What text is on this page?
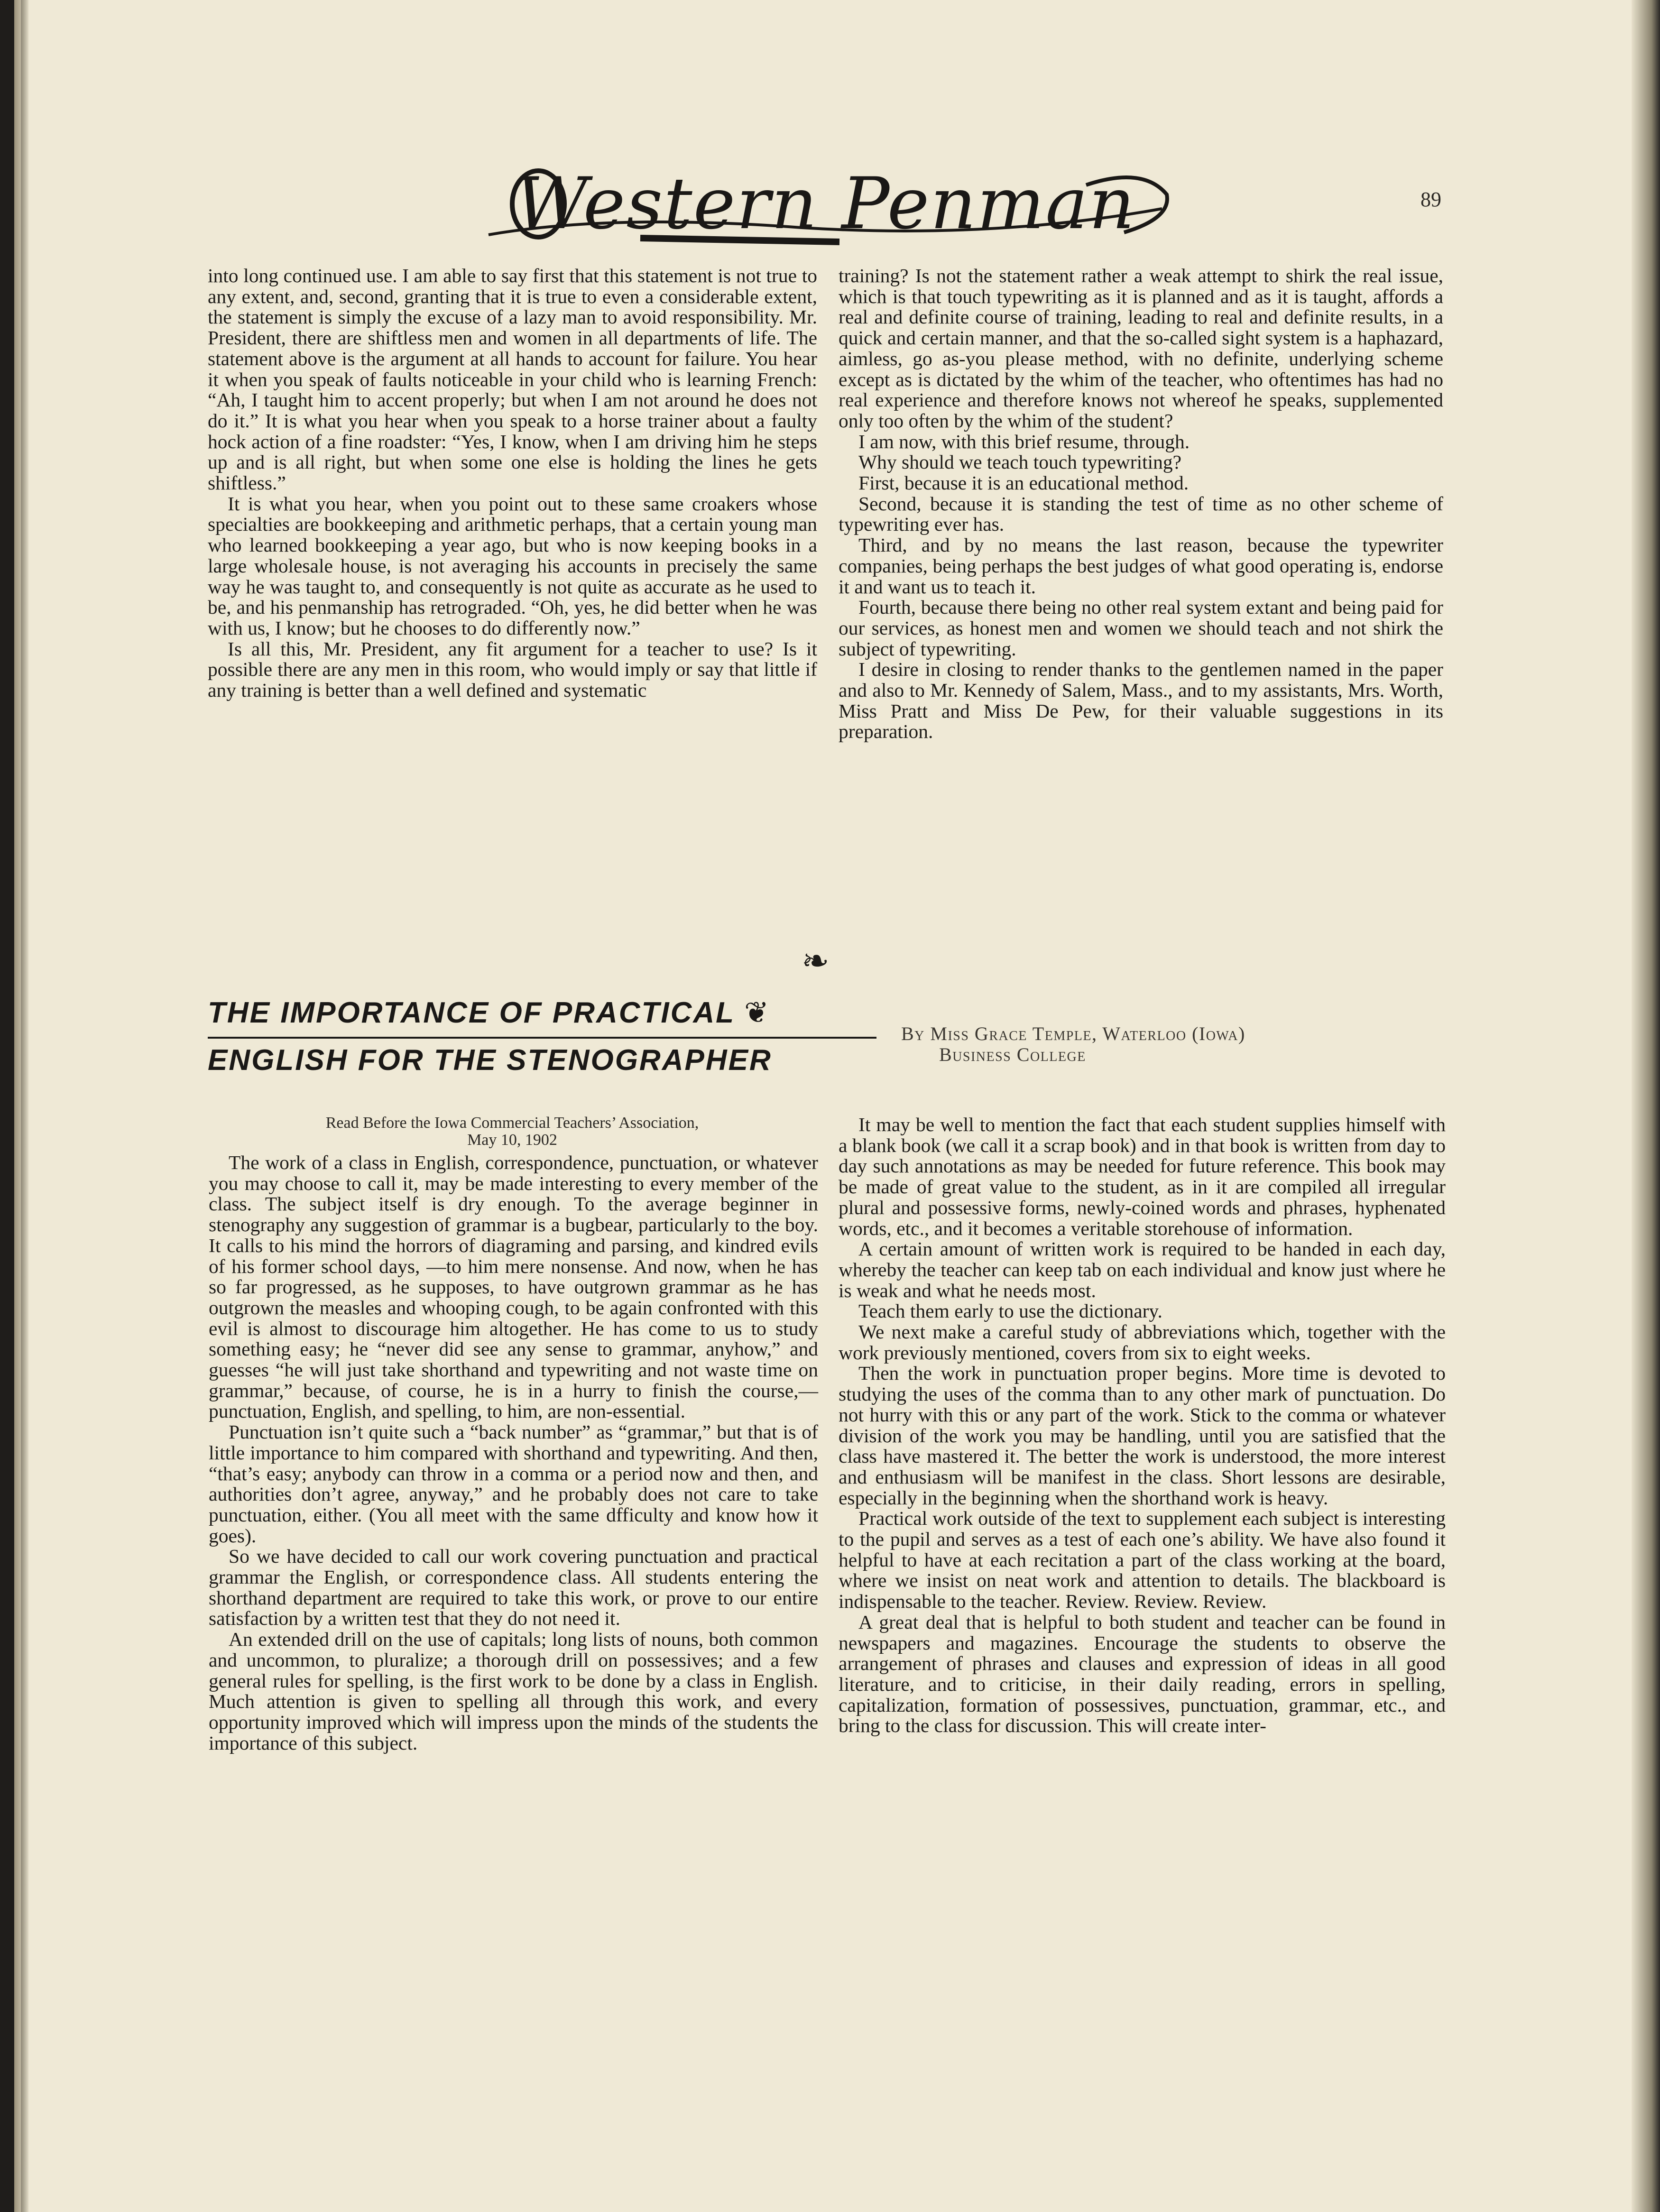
Western Penman	89

into long continued use. I am able to say first that this statement is not true to any extent, and, second, granting that it is true to even a considerable extent, the statement is simply the excuse of a lazy man to avoid responsibility. Mr. President, there are shiftless men and women in all departments of life. The statement above is the argument at all hands to account for failure. You hear it when you speak of faults noticeable in your child who is learning French: “Ah, I taught him to accent properly; but when I am not around he does not do it.” It is what you hear when you speak to a horse trainer about a faulty hock action of a fine roadster: “Yes, I know, when I am driving him he steps up and is all right, but when some one else is holding the lines he gets shiftless.”

It is what you hear, when you point out to these same croakers whose specialties are bookkeeping and arithmetic perhaps, that a certain young man who learned bookkeeping a year ago, but who is now keeping books in a large wholesale house, is not averaging his accounts in precisely the same way he was taught to, and consequently is not quite as accurate as he used to be, and his penmanship has retrograded. “Oh, yes, he did better when he was with us, I know; but he chooses to do differently now.”

Is all this, Mr. President, any fit argument for a teacher to use? Is it possible there are any men in this room, who would imply or say that little if any training is better than a well defined and systematic

training? Is not the statement rather a weak attempt to shirk the real issue, which is that touch typewriting as it is planned and as it is taught, affords a real and definite course of training, leading to real and definite results, in a quick and certain manner, and that the so-called sight system is a haphazard, aimless, go as-you please method, with no definite, underlying scheme except as is dictated by the whim of the teacher, who oftentimes has had no real experience and therefore knows not whereof he speaks, supplemented only too often by the whim of the student?

I am now, with this brief resume, through.

Why should we teach touch typewriting?

First, because it is an educational method.

Second, because it is standing the test of time as no other scheme of typewriting ever has.

Third, and by no means the last reason, because the typewriter companies, being perhaps the best judges of what good operating is, endorse it and want us to teach it.

Fourth, because there being no other real system extant and being paid for our services, as honest men and women we should teach and not shirk the subject of typewriting.

I desire in closing to render thanks to the gentlemen named in the paper and also to Mr. Kennedy of Salem, Mass., and to my assistants, Mrs. Worth, Miss Pratt and Miss De Pew, for their valuable suggestions in its preparation.

❧
THE IMPORTANCE OF PRACTICAL ❦
ENGLISH FOR THE STENOGRAPHER
By Miss Grace Temple, Waterloo (Iowa)
Business College
Read Before the Iowa Commercial Teachers’ Association,
May 10, 1902

The work of a class in English, correspondence, punctuation, or whatever you may choose to call it, may be made interesting to every member of the class. The subject itself is dry enough. To the average beginner in stenography any suggestion of grammar is a bugbear, particularly to the boy. It calls to his mind the horrors of diagraming and parsing, and kindred evils of his former school days, —to him mere nonsense. And now, when he has so far progressed, as he supposes, to have outgrown grammar as he has outgrown the measles and whooping cough, to be again confronted with this evil is almost to discourage him altogether. He has come to us to study something easy; he “never did see any sense to grammar, anyhow,” and guesses “he will just take shorthand and typewriting and not waste time on grammar,” because, of course, he is in a hurry to finish the course,—punctuation, English, and spelling, to him, are non-essential.

Punctuation isn’t quite such a “back number” as “grammar,” but that is of little importance to him compared with shorthand and typewriting. And then, “that’s easy; anybody can throw in a comma or a period now and then, and authorities don’t agree, anyway,” and he probably does not care to take punctuation, either. (You all meet with the same dfficulty and know how it goes).

So we have decided to call our work covering punctuation and practical grammar the English, or correspondence class. All students entering the shorthand department are required to take this work, or prove to our entire satisfaction by a written test that they do not need it.

An extended drill on the use of capitals; long lists of nouns, both common and uncommon, to pluralize; a thorough drill on possessives; and a few general rules for spelling, is the first work to be done by a class in English. Much attention is given to spelling all through this work, and every opportunity improved which will impress upon the minds of the students the importance of this subject.

It may be well to mention the fact that each student supplies himself with a blank book (we call it a scrap book) and in that book is written from day to day such annotations as may be needed for future reference. This book may be made of great value to the student, as in it are compiled all irregular plural and possessive forms, newly-coined words and phrases, hyphenated words, etc., and it becomes a veritable storehouse of information.

A certain amount of written work is required to be handed in each day, whereby the teacher can keep tab on each individual and know just where he is weak and what he needs most.

Teach them early to use the dictionary.

We next make a careful study of abbreviations which, together with the work previously mentioned, covers from six to eight weeks.

Then the work in punctuation proper begins. More time is devoted to studying the uses of the comma than to any other mark of punctuation. Do not hurry with this or any part of the work. Stick to the comma or whatever division of the work you may be handling, until you are satisfied that the class have mastered it. The better the work is understood, the more interest and enthusiasm will be manifest in the class. Short lessons are desirable, especially in the beginning when the shorthand work is heavy.

Practical work outside of the text to supplement each subject is interesting to the pupil and serves as a test of each one’s ability. We have also found it helpful to have at each recitation a part of the class working at the board, where we insist on neat work and attention to details. The blackboard is indispensable to the teacher. Review. Review. Review.

A great deal that is helpful to both student and teacher can be found in newspapers and magazines. Encourage the students to observe the arrangement of phrases and clauses and expression of ideas in all good literature, and to criticise, in their daily reading, errors in spelling, capitalization, formation of possessives, punctuation, grammar, etc., and bring to the class for discussion. This will create inter-
